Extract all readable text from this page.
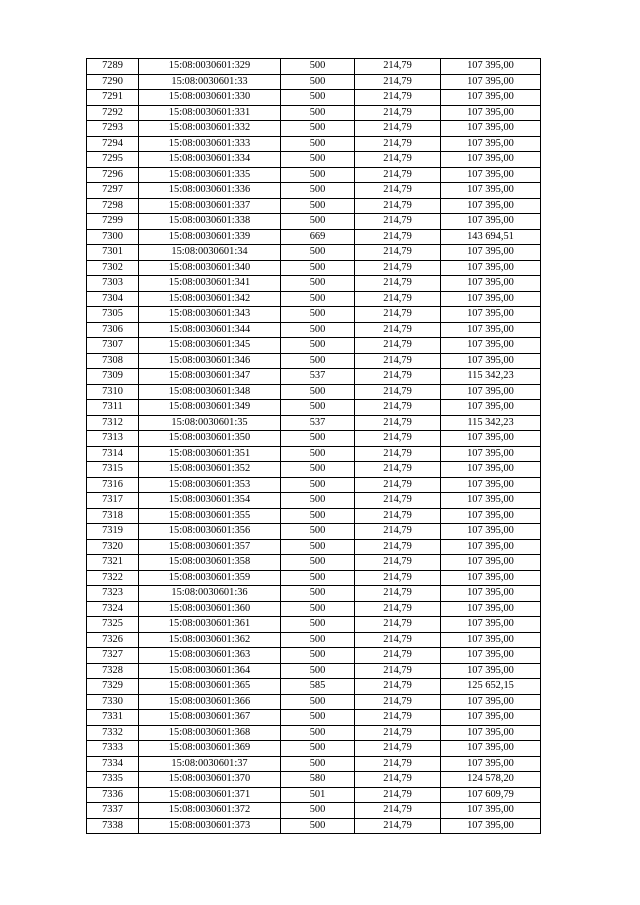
7289	15:08:0030601:329	500	214,79	107 395,00
7290	15:08:0030601:33	500	214,79	107 395,00
7291	15:08:0030601:330	500	214,79	107 395,00
7292	15:08:0030601:331	500	214,79	107 395,00
7293	15:08:0030601:332	500	214,79	107 395,00
7294	15:08:0030601:333	500	214,79	107 395,00
7295	15:08:0030601:334	500	214,79	107 395,00
7296	15:08:0030601:335	500	214,79	107 395,00
7297	15:08:0030601:336	500	214,79	107 395,00
7298	15:08:0030601:337	500	214,79	107 395,00
7299	15:08:0030601:338	500	214,79	107 395,00
7300	15:08:0030601:339	669	214,79	143 694,51
7301	15:08:0030601:34	500	214,79	107 395,00
7302	15:08:0030601:340	500	214,79	107 395,00
7303	15:08:0030601:341	500	214,79	107 395,00
7304	15:08:0030601:342	500	214,79	107 395,00
7305	15:08:0030601:343	500	214,79	107 395,00
7306	15:08:0030601:344	500	214,79	107 395,00
7307	15:08:0030601:345	500	214,79	107 395,00
7308	15:08:0030601:346	500	214,79	107 395,00
7309	15:08:0030601:347	537	214,79	115 342,23
7310	15:08:0030601:348	500	214,79	107 395,00
7311	15:08:0030601:349	500	214,79	107 395,00
7312	15:08:0030601:35	537	214,79	115 342,23
7313	15:08:0030601:350	500	214,79	107 395,00
7314	15:08:0030601:351	500	214,79	107 395,00
7315	15:08:0030601:352	500	214,79	107 395,00
7316	15:08:0030601:353	500	214,79	107 395,00
7317	15:08:0030601:354	500	214,79	107 395,00
7318	15:08:0030601:355	500	214,79	107 395,00
7319	15:08:0030601:356	500	214,79	107 395,00
7320	15:08:0030601:357	500	214,79	107 395,00
7321	15:08:0030601:358	500	214,79	107 395,00
7322	15:08:0030601:359	500	214,79	107 395,00
7323	15:08:0030601:36	500	214,79	107 395,00
7324	15:08:0030601:360	500	214,79	107 395,00
7325	15:08:0030601:361	500	214,79	107 395,00
7326	15:08:0030601:362	500	214,79	107 395,00
7327	15:08:0030601:363	500	214,79	107 395,00
7328	15:08:0030601:364	500	214,79	107 395,00
7329	15:08:0030601:365	585	214,79	125 652,15
7330	15:08:0030601:366	500	214,79	107 395,00
7331	15:08:0030601:367	500	214,79	107 395,00
7332	15:08:0030601:368	500	214,79	107 395,00
7333	15:08:0030601:369	500	214,79	107 395,00
7334	15:08:0030601:37	500	214,79	107 395,00
7335	15:08:0030601:370	580	214,79	124 578,20
7336	15:08:0030601:371	501	214,79	107 609,79
7337	15:08:0030601:372	500	214,79	107 395,00
7338	15:08:0030601:373	500	214,79	107 395,00
